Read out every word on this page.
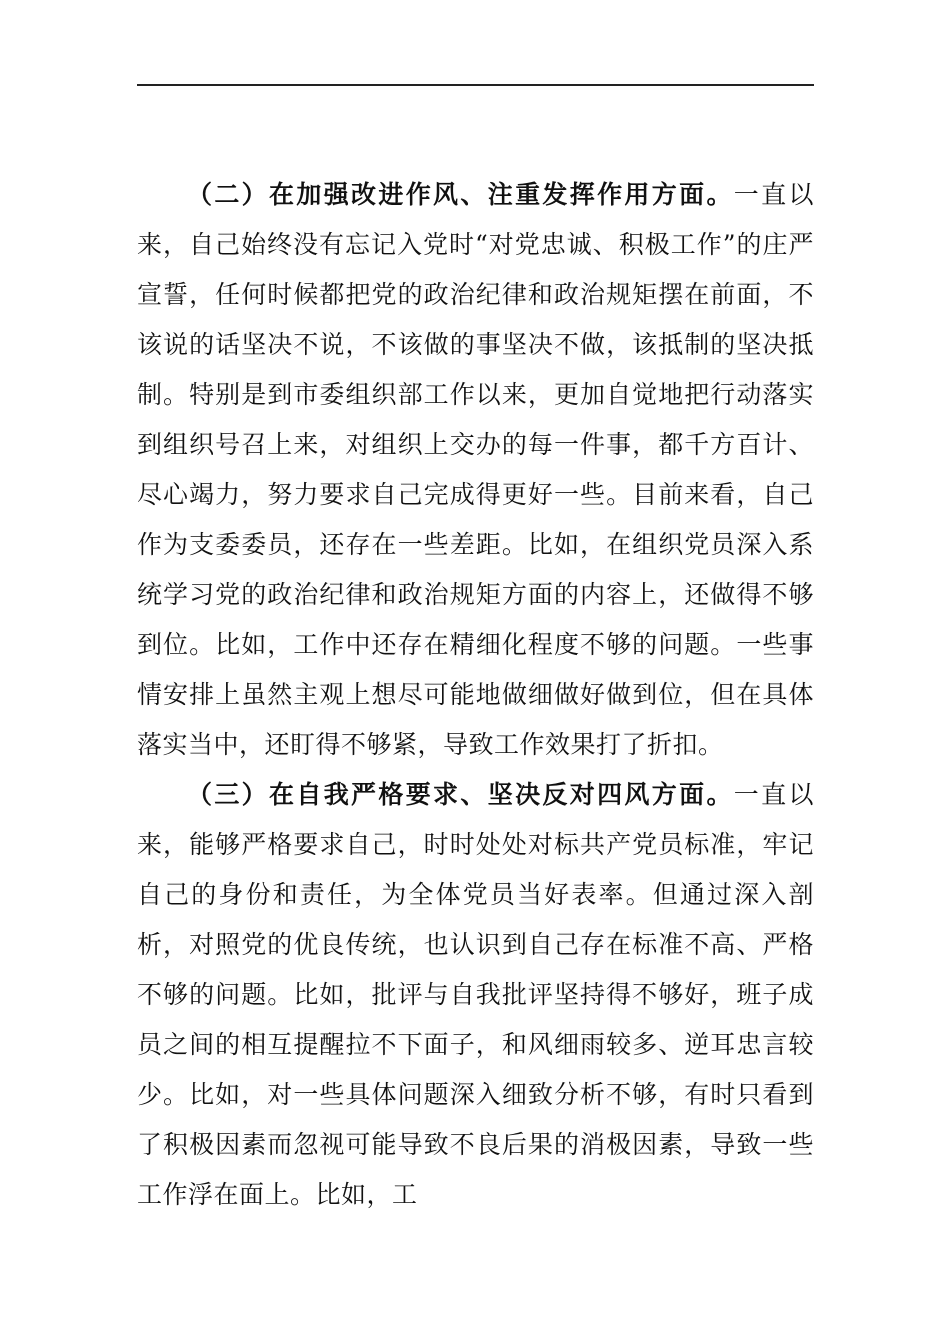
（二）在加强改进作风、注重发挥作用方面。一直以来，自己始终没有忘记入党时“对党忠诚、积极工作”的庄严宣誓，任何时候都把党的政治纪律和政治规矩摆在前面，不该说的话坚决不说，不该做的事坚决不做，该抵制的坚决抵制。特别是到市委组织部工作以来，更加自觉地把行动落实到组织号召上来，对组织上交办的每一件事，都千方百计、尽心竭力，努力要求自己完成得更好一些。目前来看，自己作为支委委员，还存在一些差距。比如，在组织党员深入系统学习党的政治纪律和政治规矩方面的内容上，还做得不够到位。比如，工作中还存在精细化程度不够的问题。一些事情安排上虽然主观上想尽可能地做细做好做到位，但在具体落实当中，还盯得不够紧，导致工作效果打了折扣。

（三）在自我严格要求、坚决反对四风方面。一直以来，能够严格要求自己，时时处处对标共产党员标准，牢记自己的身份和责任，为全体党员当好表率。但通过深入剖析，对照党的优良传统，也认识到自己存在标准不高、严格不够的问题。比如，批评与自我批评坚持得不够好，班子成员之间的相互提醒拉不下面子，和风细雨较多、逆耳忠言较少。比如，对一些具体问题深入细致分析不够，有时只看到了积极因素而忽视可能导致不良后果的消极因素，导致一些工作浮在面上。比如，工
